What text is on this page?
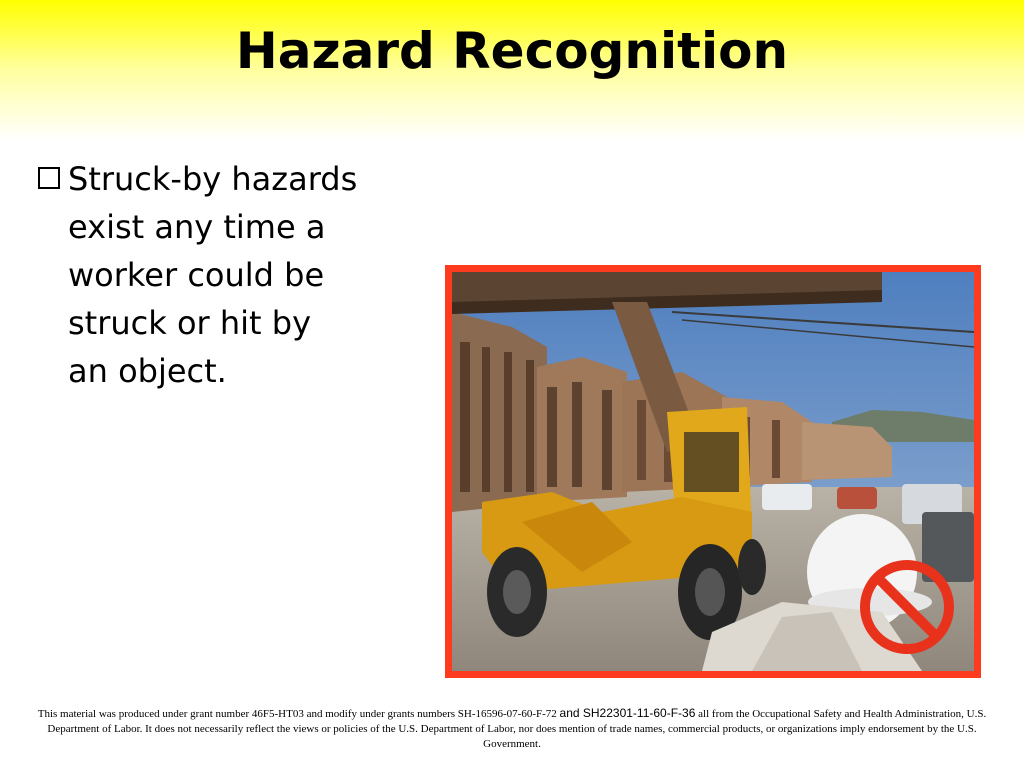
Hazard Recognition
Struck-by hazards exist any time a worker could be struck or hit by an object.
This material was produced under grant number 46F5-HT03 and modify under grants numbers SH-16596-07-60-F-72 and SH22301-11-60-F-36 all from the Occupational Safety and Health Administration, U.S. Department of Labor. It does not necessarily reflect the views or policies of the U.S. Department of Labor, nor does mention of trade names, commercial products, or organizations imply endorsement by the U.S. Government.
